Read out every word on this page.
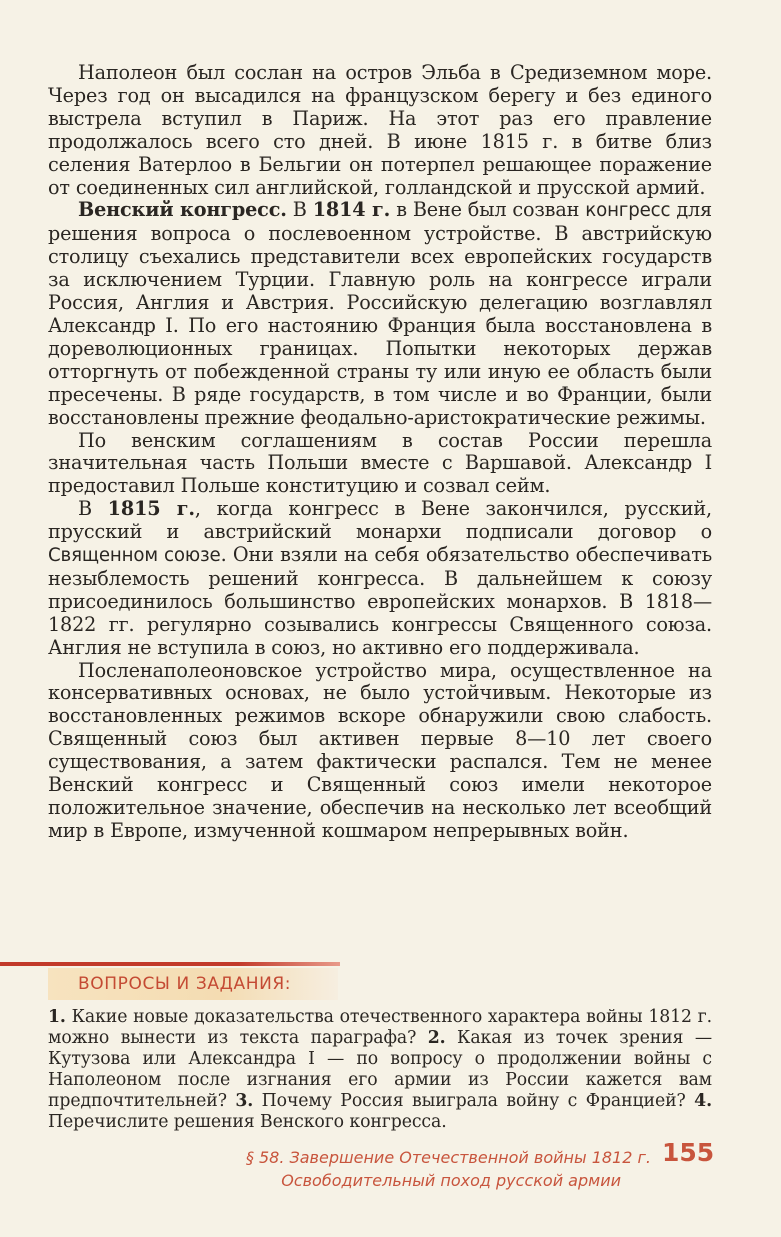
Наполеон был сослан на остров Эльба в Средиземном море. Через год он высадился на французском берегу и без единого выстрела вступил в Париж. На этот раз его правление продолжалось всего сто дней. В июне 1815 г. в битве близ селения Ватерлоо в Бельгии он потерпел решающее поражение от соединенных сил английской, голландской и прусской армий.

Венский конгресс. В 1814 г. в Вене был созван конгресс для решения вопроса о послевоенном устройстве. В австрийскую столицу съехались представители всех европейских государств за исключением Турции. Главную роль на конгрессе играли Россия, Англия и Австрия. Российскую делегацию возглавлял Александр I. По его настоянию Франция была восстановлена в дореволюционных границах. Попытки некоторых держав отторгнуть от побежденной страны ту или иную ее область были пресечены. В ряде государств, в том числе и во Франции, были восстановлены прежние феодально-аристократические режимы.

По венским соглашениям в состав России перешла значительная часть Польши вместе с Варшавой. Александр I предоставил Польше конституцию и созвал сейм.

В 1815 г., когда конгресс в Вене закончился, русский, прусский и австрийский монархи подписали договор о Священном союзе. Они взяли на себя обязательство обеспечивать незыблемость решений конгресса. В дальнейшем к союзу присоединилось большинство европейских монархов. В 1818—1822 гг. регулярно созывались конгрессы Священного союза. Англия не вступила в союз, но активно его поддерживала.

Посленаполеоновское устройство мира, осуществленное на консервативных основах, не было устойчивым. Некоторые из восстановленных режимов вскоре обнаружили свою слабость. Священный союз был активен первые 8—10 лет своего существования, а затем фактически распался. Тем не менее Венский конгресс и Священный союз имели некоторое положительное значение, обеспечив на несколько лет всеобщий мир в Европе, измученной кошмаром непрерывных войн.

ВОПРОСЫ И ЗАДАНИЯ:

1. Какие новые доказательства отечественного характера войны 1812 г. можно вынести из текста параграфа? 2. Какая из точек зрения — Кутузова или Александра I — по вопросу о продолжении войны с Наполеоном после изгнания его армии из России кажется вам предпочтительней? 3. Почему Россия выиграла войну с Францией? 4. Перечислите решения Венского конгресса.

§ 58. Завершение Отечественной войны 1812 г.
Освободительный поход русской армии
155
